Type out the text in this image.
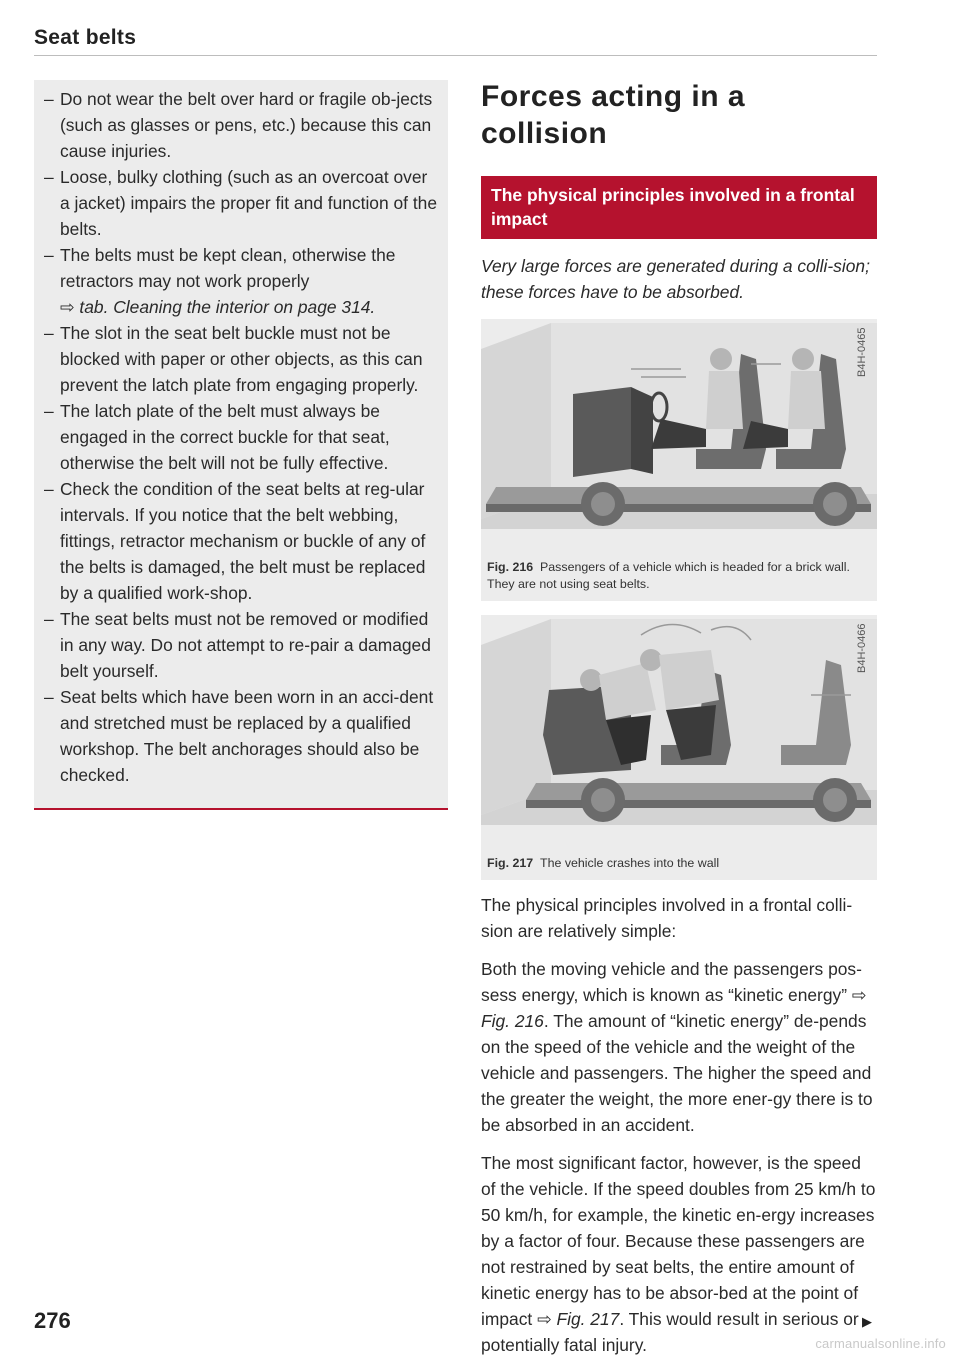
Seat belts
– Do not wear the belt over hard or fragile ob-jects (such as glasses or pens, etc.) because this can cause injuries.
– Loose, bulky clothing (such as an overcoat over a jacket) impairs the proper fit and function of the belts.
– The belts must be kept clean, otherwise the retractors may not work properly
⇨ tab. Cleaning the interior on page 314.
– The slot in the seat belt buckle must not be blocked with paper or other objects, as this can prevent the latch plate from engaging properly.
– The latch plate of the belt must always be engaged in the correct buckle for that seat, otherwise the belt will not be fully effective.
– Check the condition of the seat belts at reg-ular intervals. If you notice that the belt webbing, fittings, retractor mechanism or buckle of any of the belts is damaged, the belt must be replaced by a qualified work-shop.
– The seat belts must not be removed or modified in any way. Do not attempt to re-pair a damaged belt yourself.
– Seat belts which have been worn in an acci-dent and stretched must be replaced by a qualified workshop. The belt anchorages should also be checked.
Forces acting in a collision
The physical principles involved in a frontal impact
Very large forces are generated during a colli-sion; these forces have to be absorbed.
B4H-0465
Fig. 216 Passengers of a vehicle which is headed for a brick wall. They are not using seat belts.
B4H-0466
Fig. 217 The vehicle crashes into the wall

The physical principles involved in a frontal colli-sion are relatively simple:

Both the moving vehicle and the passengers pos-sess energy, which is known as “kinetic energy” ⇨ Fig. 216. The amount of “kinetic energy” de-pends on the speed of the vehicle and the weight of the vehicle and passengers. The higher the speed and the greater the weight, the more ener-gy there is to be absorbed in an accident.

The most significant factor, however, is the speed of the vehicle. If the speed doubles from 25 km/h to 50 km/h, for example, the kinetic en-ergy increases by a factor of four. Because these passengers are not restrained by seat belts, the entire amount of kinetic energy has to be absor-bed at the point of impact ⇨ Fig. 217. This would result in serious or potentially fatal injury.

276	▶
carmanualsonline.info
